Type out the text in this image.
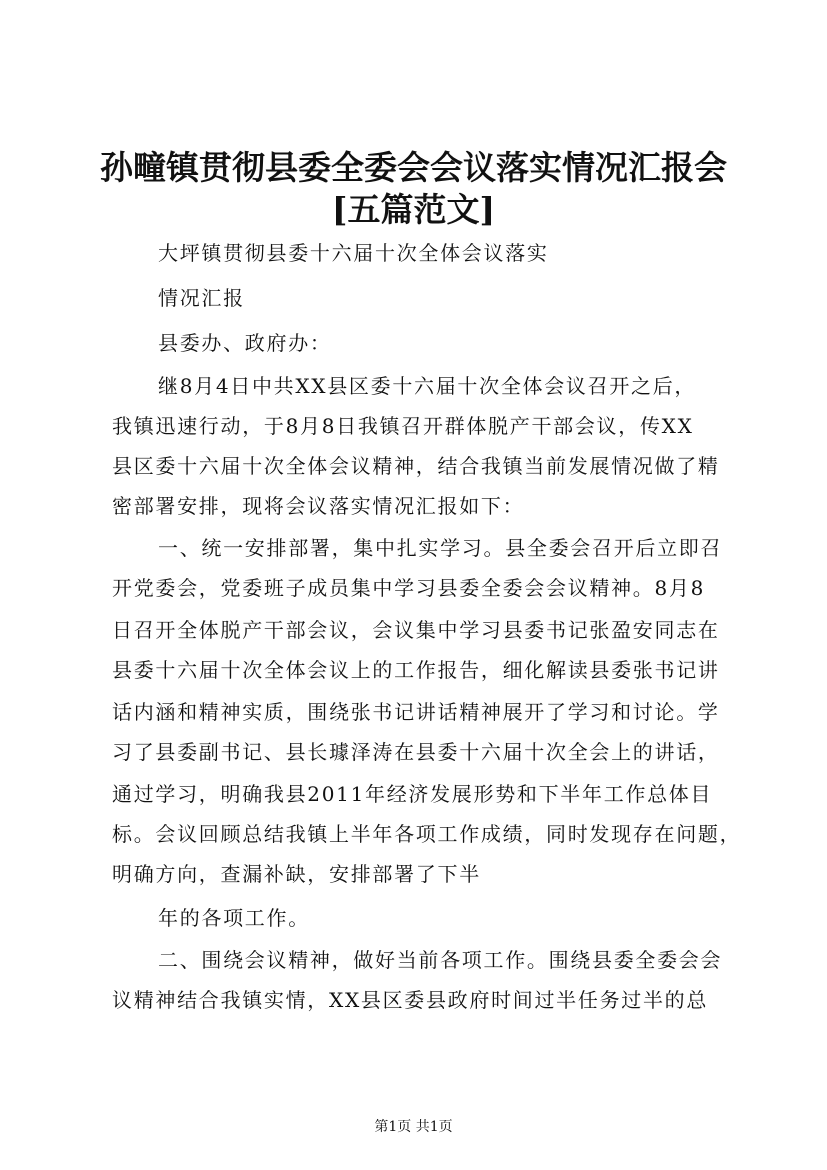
孙疃镇贯彻县委全委会会议落实情况汇报会
[五篇范文]
大坪镇贯彻县委十六届十次全体会议落实
情况汇报
县委办、政府办：
继8月4日中共XX县区委十六届十次全体会议召开之后，
我镇迅速行动，于8月8日我镇召开群体脱产干部会议，传XX
县区委十六届十次全体会议精神，结合我镇当前发展情况做了精
密部署安排，现将会议落实情况汇报如下：
一、统一安排部署，集中扎实学习。县全委会召开后立即召
开党委会，党委班子成员集中学习县委全委会会议精神。8月8
日召开全体脱产干部会议，会议集中学习县委书记张盈安同志在
县委十六届十次全体会议上的工作报告，细化解读县委张书记讲
话内涵和精神实质，围绕张书记讲话精神展开了学习和讨论。学
习了县委副书记、县长璩泽涛在县委十六届十次全会上的讲话，
通过学习，明确我县2011年经济发展形势和下半年工作总体目
标。会议回顾总结我镇上半年各项工作成绩，同时发现存在问题，
明确方向，查漏补缺，安排部署了下半
年的各项工作。
二、围绕会议精神，做好当前各项工作。围绕县委全委会会
议精神结合我镇实情，XX县区委县政府时间过半任务过半的总
第1页 共1页
